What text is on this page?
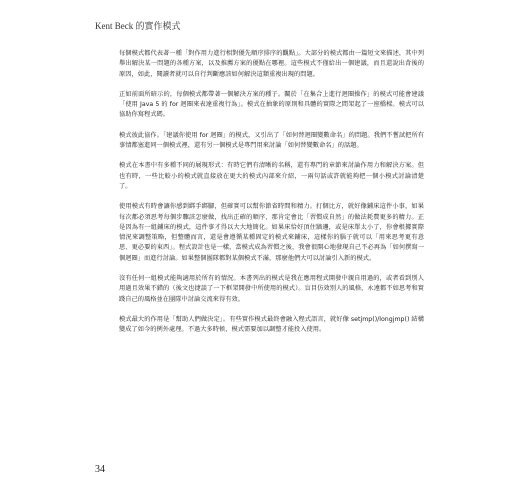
Kent Beck 的實作模式

每個模式都代表著一種「對作用力進行相對優先順序排序的觀點」。大部分的模式都由一篇短文來描述，其中列舉出解決某一問題的各種方案，以及推薦方案的優點在哪裡。這些模式不僅給出一個建議，而且還說出背後的原因，如此，閱讀者就可以自行判斷應該如何解決這類重複出現的問題。

正如前面所暗示的，每個模式都帶著一個解決方案的種子。關於「在集合上進行迴圈操作」的模式可能會建議「使用 Java 5 的 for 迴圈來表達重複行為」。模式在抽象的原則和具體的實際之間架起了一座橋樑。模式可以協助你寫程式碼。

模式彼此協作。「建議你使用 for 迴圈」的模式，又引出了「如何替迴圈變數命名」的問題。我們不嘗試把所有事情都塞進同一個模式裡，還有另一個模式是專門用來討論「如何替變數命名」的話題。

模式在本書中有多種不同的展現形式：有時它們有清晰的名稱，還有專門的章節來討論作用力和解決方案。但也有時，一些比較小的模式就直接放在更大的模式內部來介紹，一兩句話或許就能夠把一個小模式討論清楚了。

使用模式有時會讓你感到綁手綁腳，但確實可以幫你節省時間和精力。打個比方，就好像鋪床這件小事，如果每次都必須思考每個步驟該怎麼做，找出正確的順序，那肯定會比「習慣成自然」的做法耗費更多的精力。正是因為有一組鋪床的模式，這件事才得以大大地簡化。如果床恰好頂住牆邊，或是床單太小了，你會根據實際情況來調整策略，但整體而言，還是會遵循某種固定的模式來鋪床，這樣你的腦子就可以「用來思考更有意思、更必要的東西」。程式設計也是一樣，當模式成為習慣之後，我會很開心地發現自己不必再為「如何撰寫一個迴圈」而進行討論。如果整個團隊都對某個模式不滿，那麼他們大可以討論引入新的模式。

沒有任何一組模式能夠適用於所有的情況。本書列出的模式是我在應用程式開發中親自用過的，或者看到別人用過且效果不錯的（後文也捷談了一下框架開發中所使用的模式）。盲目仿效別人的風格，永遠都不如思考和實踐自己的風格並在團隊中討論交流來得有效。

模式最大的作用是「幫助人們做決定」。有些實作模式最終會融入程式語言，就好像 setjmp()/longjmp() 結構變成了如今的例外處理。不過大多時候，模式需要加以調整才能投入使用。

34
